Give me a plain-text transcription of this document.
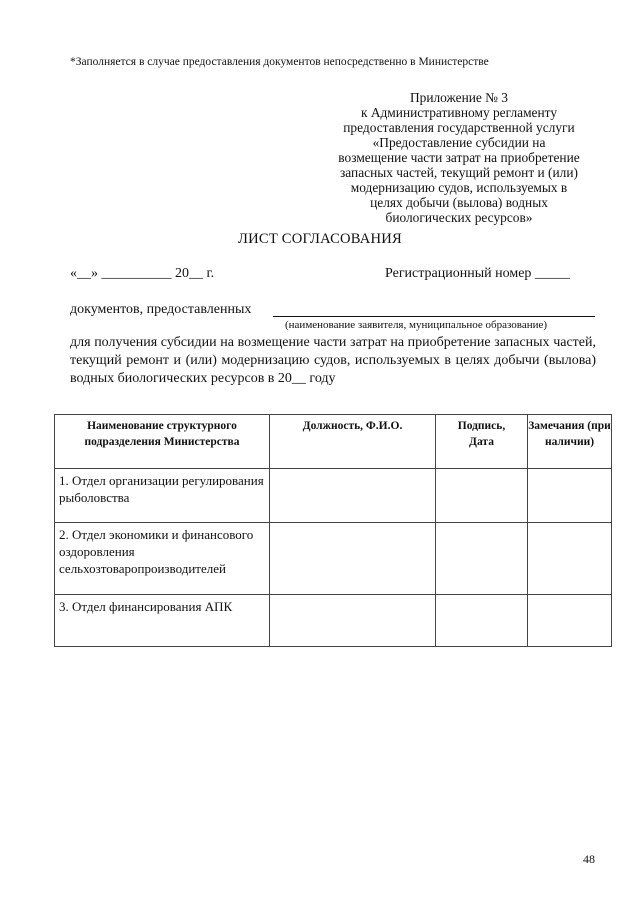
*Заполняется в случае предоставления документов непосредственно в Министерстве
Приложение № 3
к Административному регламенту
предоставления государственной услуги
«Предоставление субсидии на
возмещение части затрат на приобретение
запасных частей, текущий ремонт и (или)
модернизацию судов, используемых в
целях добычи (вылова) водных
биологических ресурсов»
ЛИСТ СОГЛАСОВАНИЯ
«__» __________ 20__ г.	Регистрационный номер _____
документов, предоставленных
(наименование заявителя, муниципальное образование)
для получения субсидии на возмещение части затрат на приобретение запасных частей, текущий ремонт и (или) модернизацию судов, используемых в целях добычи (вылова) водных биологических ресурсов в 20__ году
Наименование структурного подразделения Министерства	Должность, Ф.И.О.	Подпись, Дата	Замечания (при наличии)
1. Отдел организации регулирования рыболовства			
2. Отдел экономики и финансового оздоровления сельхозтоваропроизводителей			
3. Отдел финансирования АПК			
48
